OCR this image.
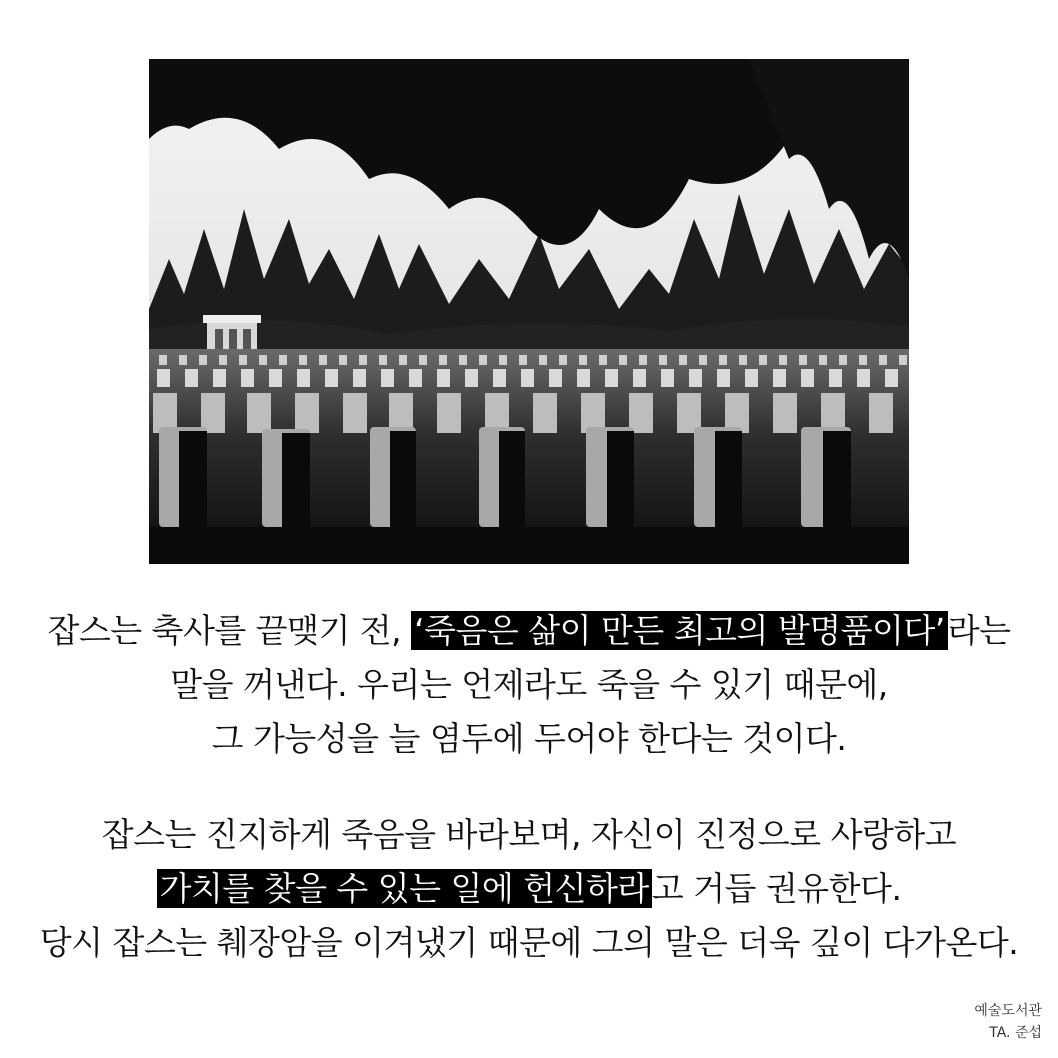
잡스는 축사를 끝맺기 전, ‘죽음은 삶이 만든 최고의 발명품이다’라는
말을 꺼낸다. 우리는 언제라도 죽을 수 있기 때문에,
그 가능성을 늘 염두에 두어야 한다는 것이다.
잡스는 진지하게 죽음을 바라보며, 자신이 진정으로 사랑하고
가치를 찾을 수 있는 일에 헌신하라고 거듭 권유한다.
당시 잡스는 췌장암을 이겨냈기 때문에 그의 말은 더욱 깊이 다가온다.
예술도서관
TA. 준섭
